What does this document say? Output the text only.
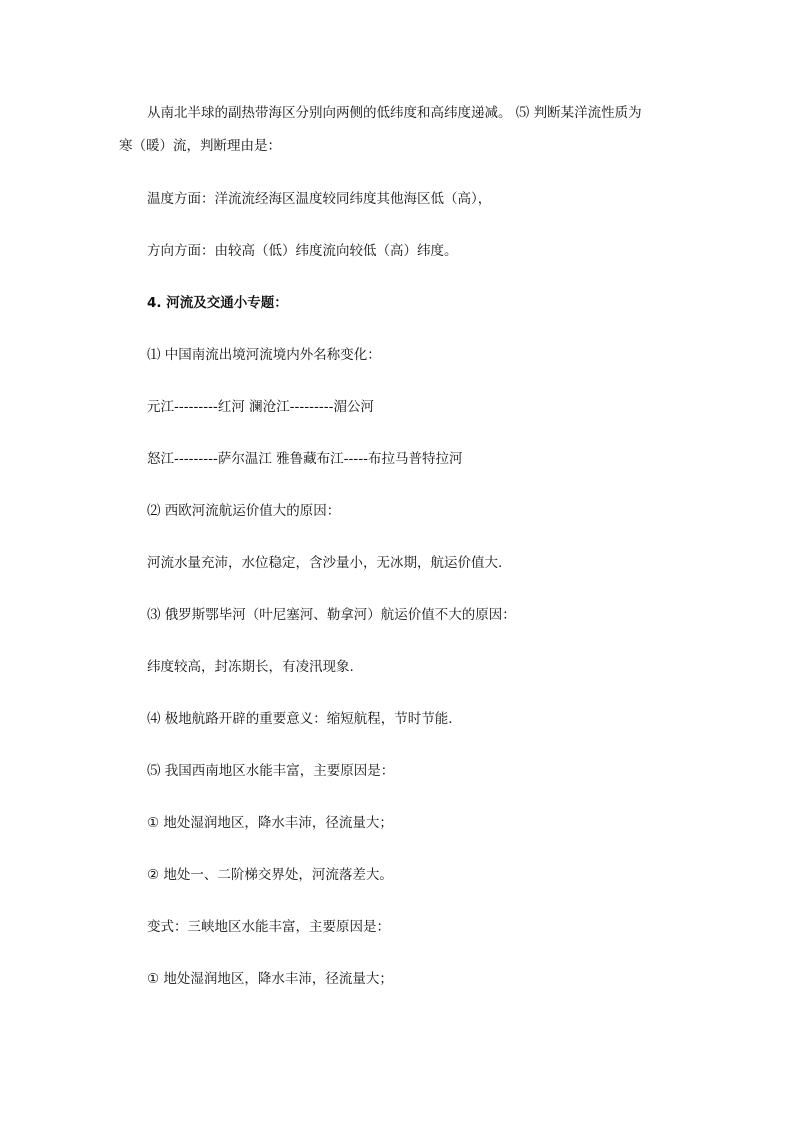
从南北半球的副热带海区分别向两侧的低纬度和高纬度递减。 ⑸ 判断某洋流性质为
寒（暖）流，判断理由是：
温度方面：洋流流经海区温度较同纬度其他海区低（高），
方向方面：由较高（低）纬度流向较低（高）纬度。
4. 河流及交通小专题：
⑴ 中国南流出境河流境内外名称变化：
元江---------红河 澜沧江---------湄公河
怒江---------萨尔温江 雅鲁藏布江-----布拉马普特拉河
⑵ 西欧河流航运价值大的原因：
河流水量充沛，水位稳定，含沙量小，无冰期，航运价值大.
⑶ 俄罗斯鄂毕河（叶尼塞河、勒拿河）航运价值不大的原因：
纬度较高，封冻期长，有凌汛现象.
⑷ 极地航路开辟的重要意义：缩短航程，节时节能.
⑸ 我国西南地区水能丰富，主要原因是：
① 地处湿润地区，降水丰沛，径流量大；
② 地处一、二阶梯交界处，河流落差大。
变式：三峡地区水能丰富，主要原因是：
① 地处湿润地区，降水丰沛，径流量大；
